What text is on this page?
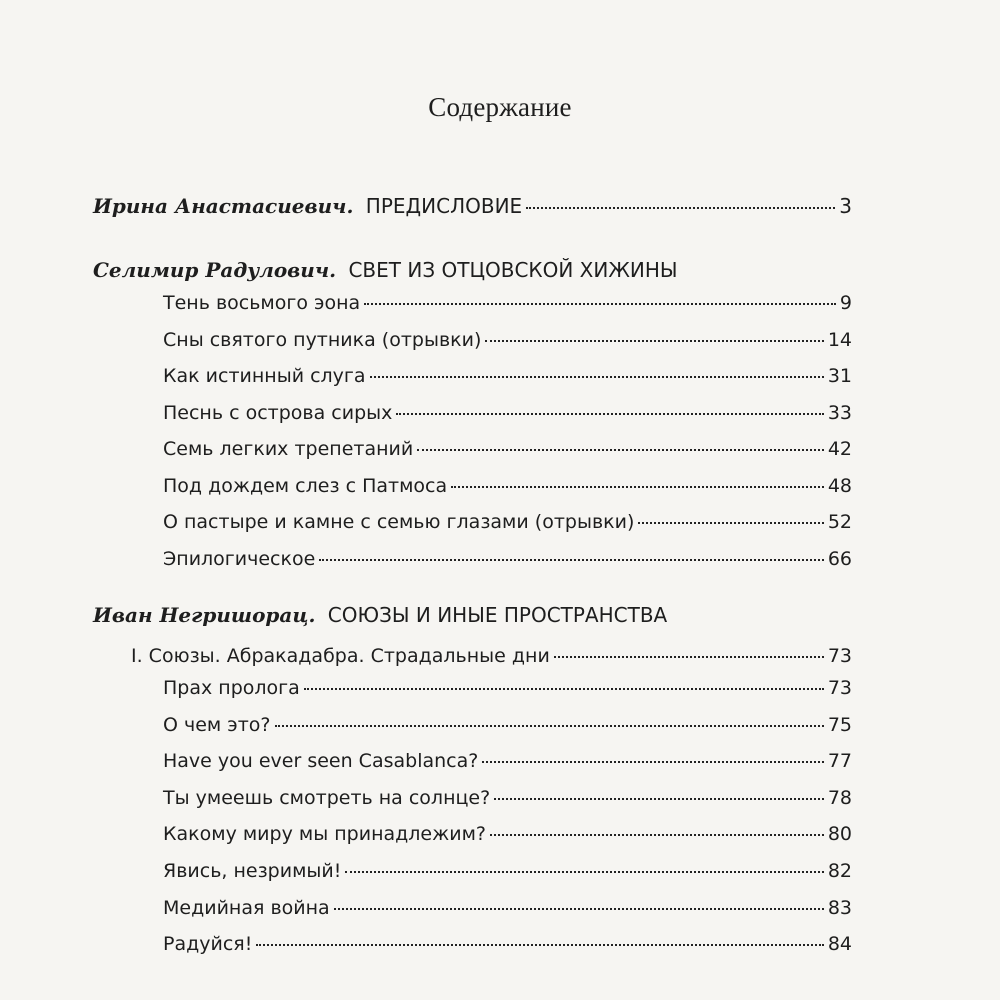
Содержание
Ирина Анастасиевич. ПРЕДИСЛОВИЕ	3
Селимир Радулович. СВЕТ ИЗ ОТЦОВСКОЙ ХИЖИНЫ
Тень восьмого эона	9
Сны святого путника (отрывки)	14
Как истинный слуга	31
Песнь с острова сирых	33
Семь легких трепетаний	42
Под дождем слез с Патмоса	48
О пастыре и камне с семью глазами (отрывки)	52
Эпилогическое	66
Иван Негришорац. СОЮЗЫ И ИНЫЕ ПРОСТРАНСТВА
I. Союзы. Абракадабра. Страдальные дни	73
Прах пролога	73
О чем это?	75
Have you ever seen Casablanca?	77
Ты умеешь смотреть на солнце?	78
Какому миру мы принадлежим?	80
Явись, незримый!	82
Медийная война	83
Радуйся!	84
